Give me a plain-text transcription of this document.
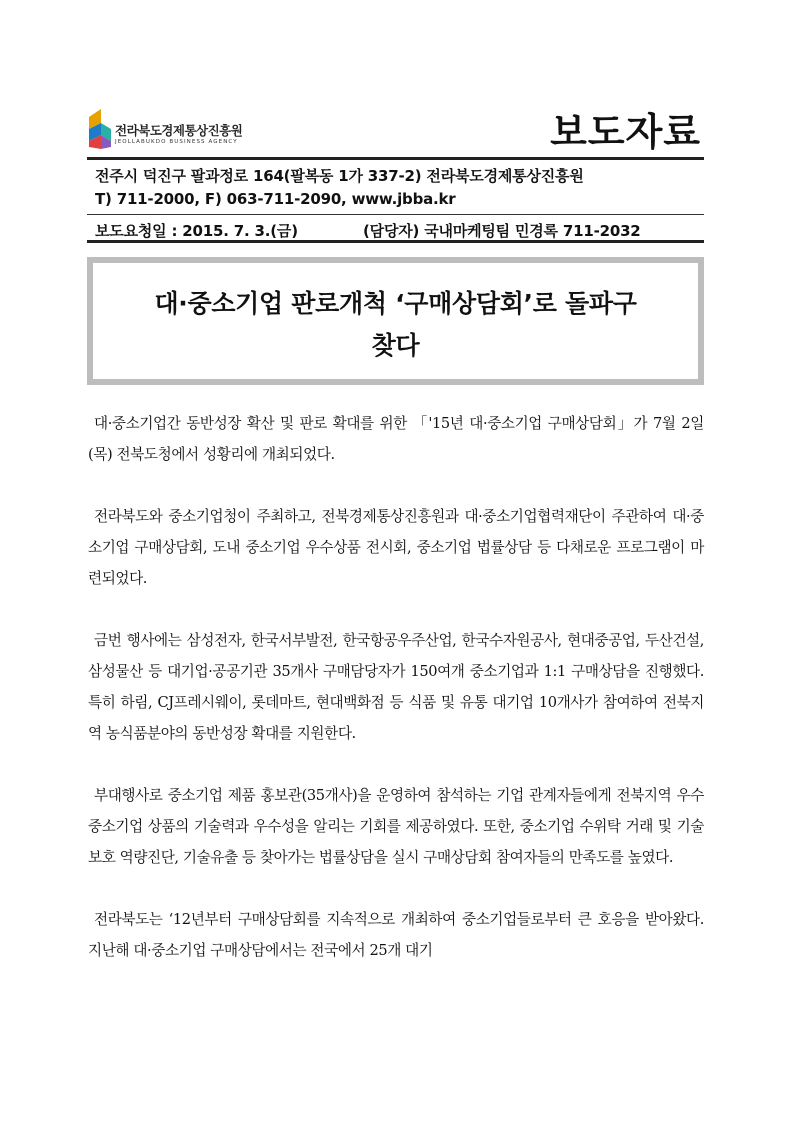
전라북도경제통상진흥원
JEOLLABUKDO BUSINESS AGENCY	보도자료
전주시 덕진구 팔과정로 164(팔복동 1가 337-2) 전라북도경제통상진흥원
T) 711-2000, F) 063-711-2090, www.jbba.kr
보도요청일 : 2015. 7. 3.(금)	(담당자) 국내마케팅팀 민경록 711-2032
대·중소기업 판로개척 ‘구매상담회’로 돌파구
찾다

대·중소기업간 동반성장 확산 및 판로 확대를 위한 「'15년 대·중소기업 구매상담회」가 7월 2일(목) 전북도청에서 성황리에 개최되었다.

전라북도와 중소기업청이 주최하고, 전북경제통상진흥원과 대·중소기업협력재단이 주관하여 대·중소기업 구매상담회, 도내 중소기업 우수상품 전시회, 중소기업 법률상담 등 다채로운 프로그램이 마련되었다.

금번 행사에는 삼성전자, 한국서부발전, 한국항공우주산업, 한국수자원공사, 현대중공업, 두산건설, 삼성물산 등 대기업·공공기관 35개사 구매담당자가 150여개 중소기업과 1:1 구매상담을 진행했다. 특히 하림, CJ프레시웨이, 롯데마트, 현대백화점 등 식품 및 유통 대기업 10개사가 참여하여 전북지역 농식품분야의 동반성장 확대를 지원한다.

부대행사로 중소기업 제품 홍보관(35개사)을 운영하여 참석하는 기업 관계자들에게 전북지역 우수 중소기업 상품의 기술력과 우수성을 알리는 기회를 제공하였다. 또한, 중소기업 수위탁 거래 및 기술보호 역량진단, 기술유출 등 찾아가는 법률상담을 실시 구매상담회 참여자들의 만족도를 높였다.

전라북도는 ‘12년부터 구매상담회를 지속적으로 개최하여 중소기업들로부터 큰 호응을 받아왔다. 지난해 대·중소기업 구매상담에서는 전국에서 25개 대기
